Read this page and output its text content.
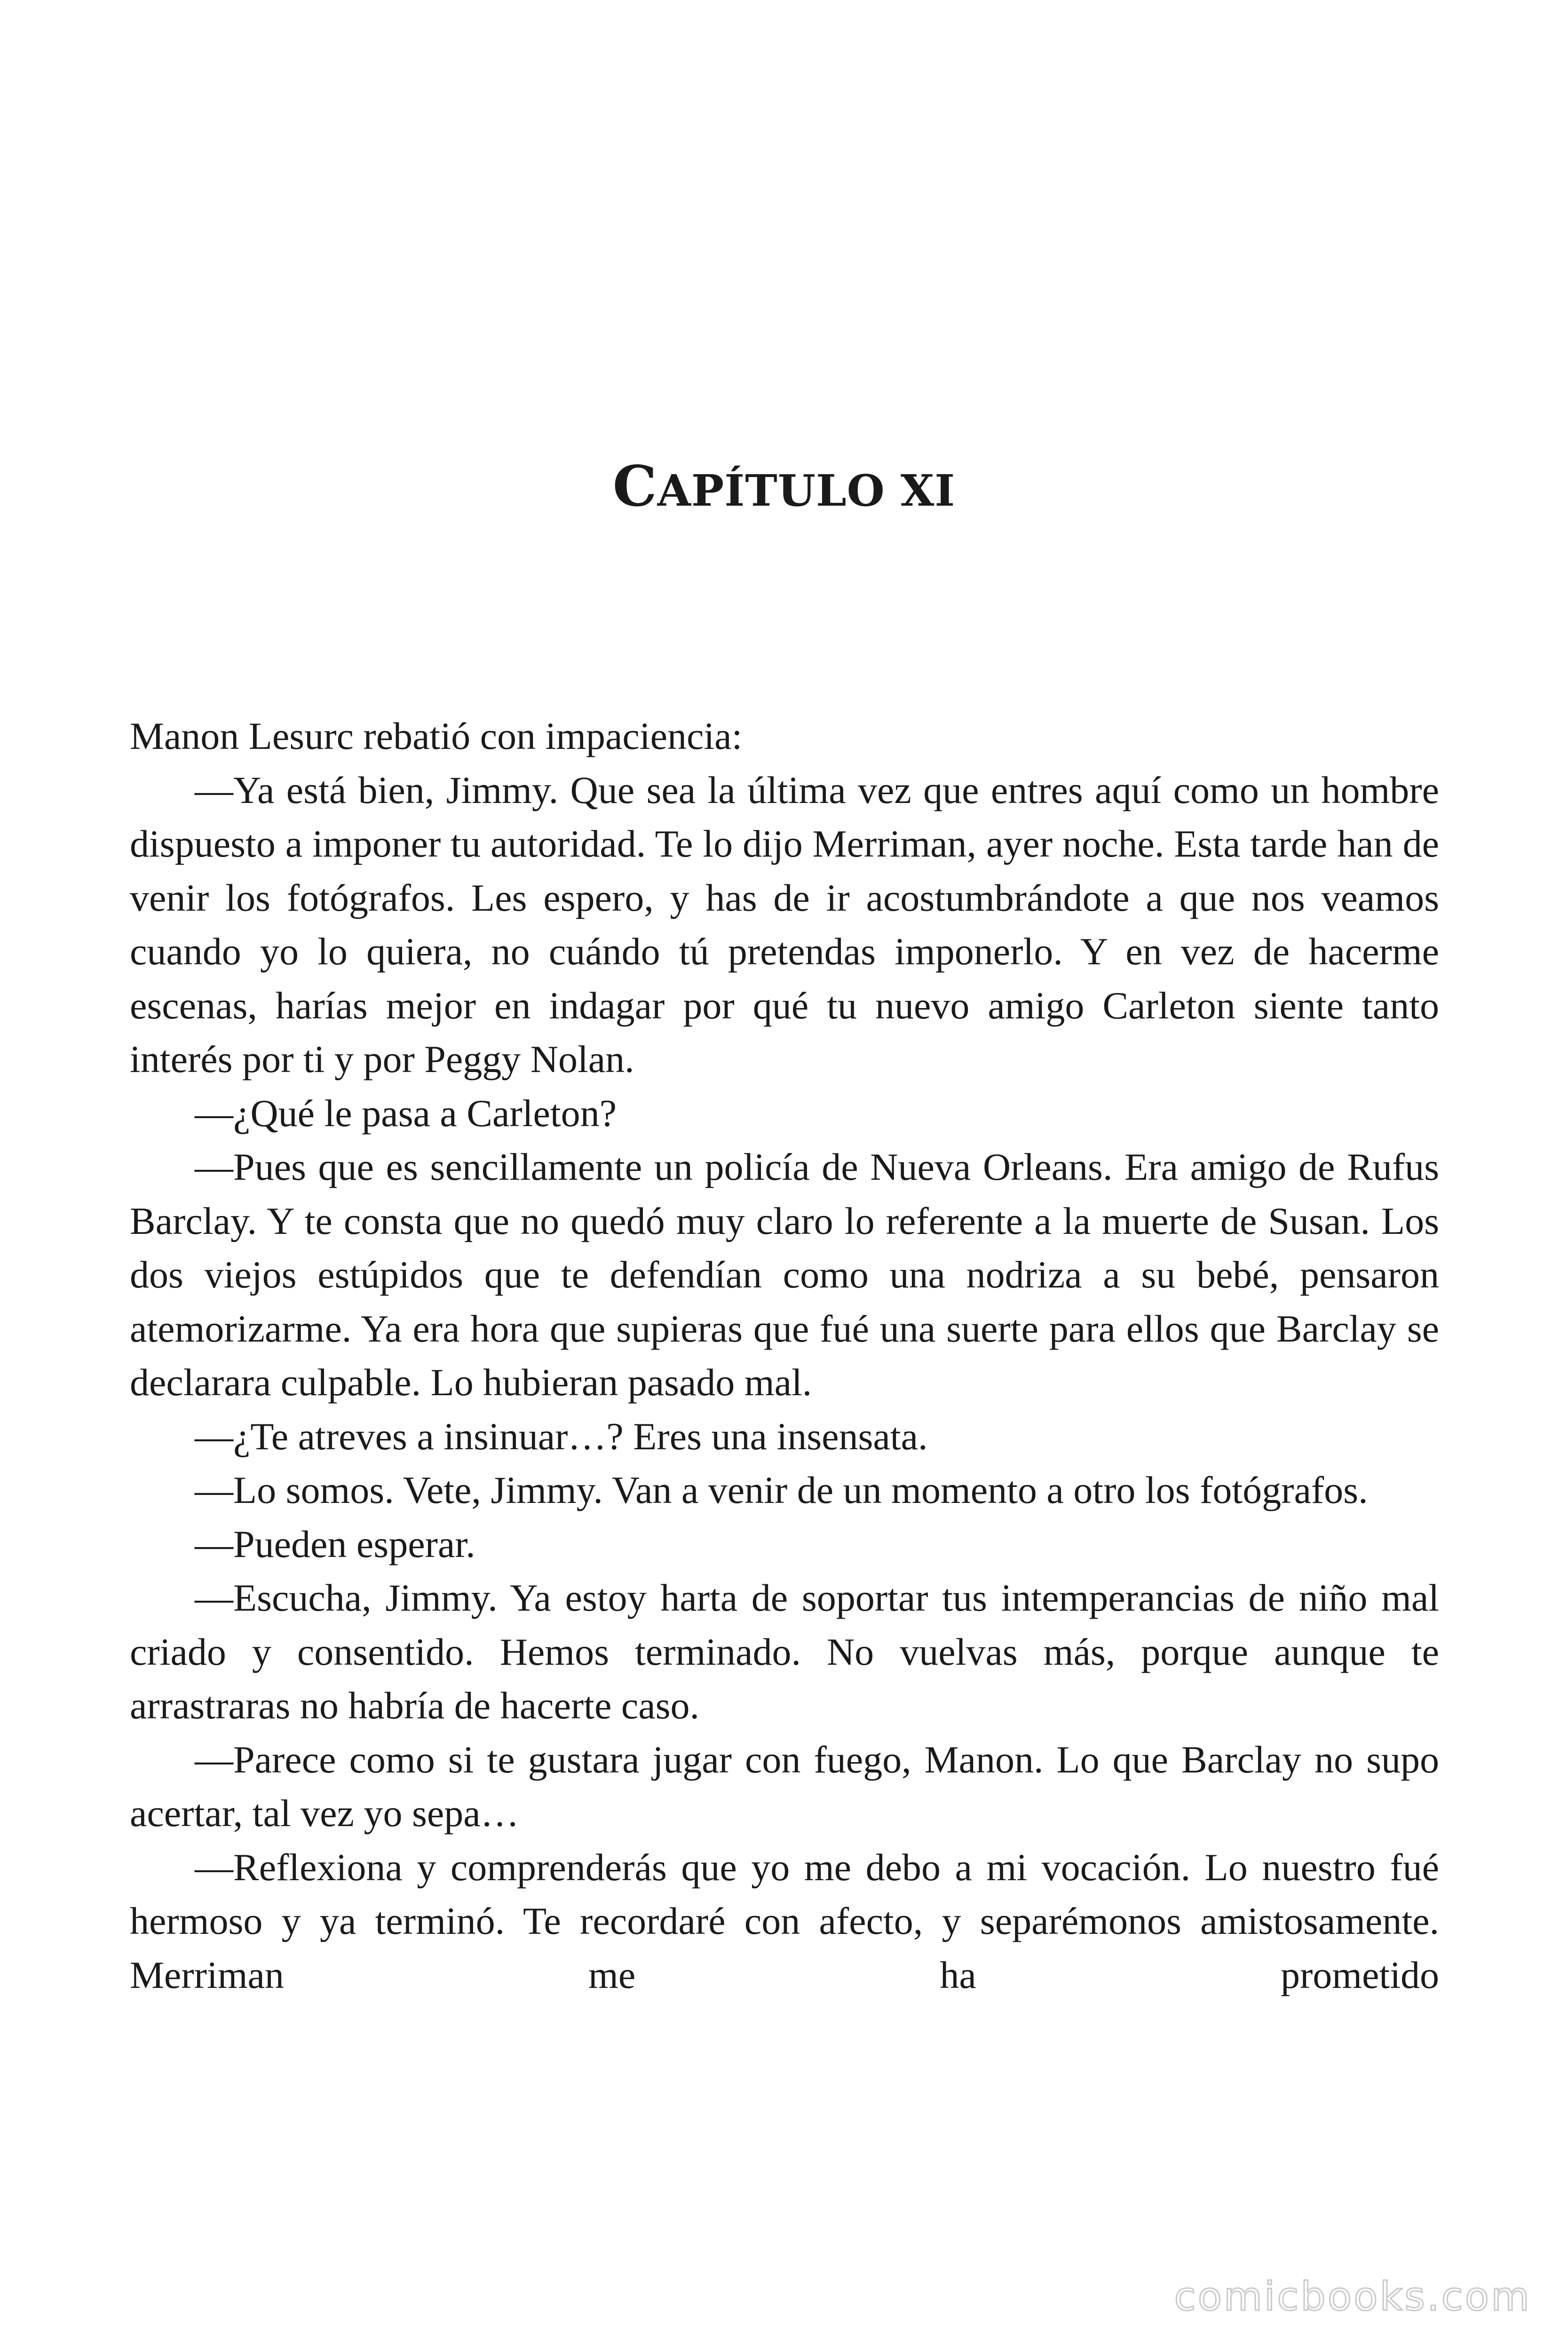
CAPÍTULO XI

Manon Lesurc rebatió con impaciencia:

—Ya está bien, Jimmy. Que sea la última vez que entres aquí como un hombre dispuesto a imponer tu autoridad. Te lo dijo Merriman, ayer noche. Esta tarde han de venir los fotógrafos. Les espero, y has de ir acostumbrándote a que nos veamos cuando yo lo quiera, no cuándo tú pretendas imponerlo. Y en vez de hacerme escenas, harías mejor en indagar por qué tu nuevo amigo Carleton siente tanto interés por ti y por Peggy Nolan.

—¿Qué le pasa a Carleton?

—Pues que es sencillamente un policía de Nueva Orleans. Era amigo de Rufus Barclay. Y te consta que no quedó muy claro lo referente a la muerte de Susan. Los dos viejos estúpidos que te defendían como una nodriza a su bebé, pensaron atemorizarme. Ya era hora que supieras que fué una suerte para ellos que Barclay se declarara culpable. Lo hubieran pasado mal.

—¿Te atreves a insinuar…? Eres una insensata.

—Lo somos. Vete, Jimmy. Van a venir de un momento a otro los fotógrafos.

—Pueden esperar.

—Escucha, Jimmy. Ya estoy harta de soportar tus intemperancias de niño mal criado y consentido. Hemos terminado. No vuelvas más, porque aunque te arrastraras no habría de hacerte caso.

—Parece como si te gustara jugar con fuego, Manon. Lo que Barclay no supo acertar, tal vez yo sepa…

—Reflexiona y comprenderás que yo me debo a mi vocación. Lo nuestro fué hermoso y ya terminó. Te recordaré con afecto, y separémonos amistosamente. Merriman me ha prometido

comicbooks.com
